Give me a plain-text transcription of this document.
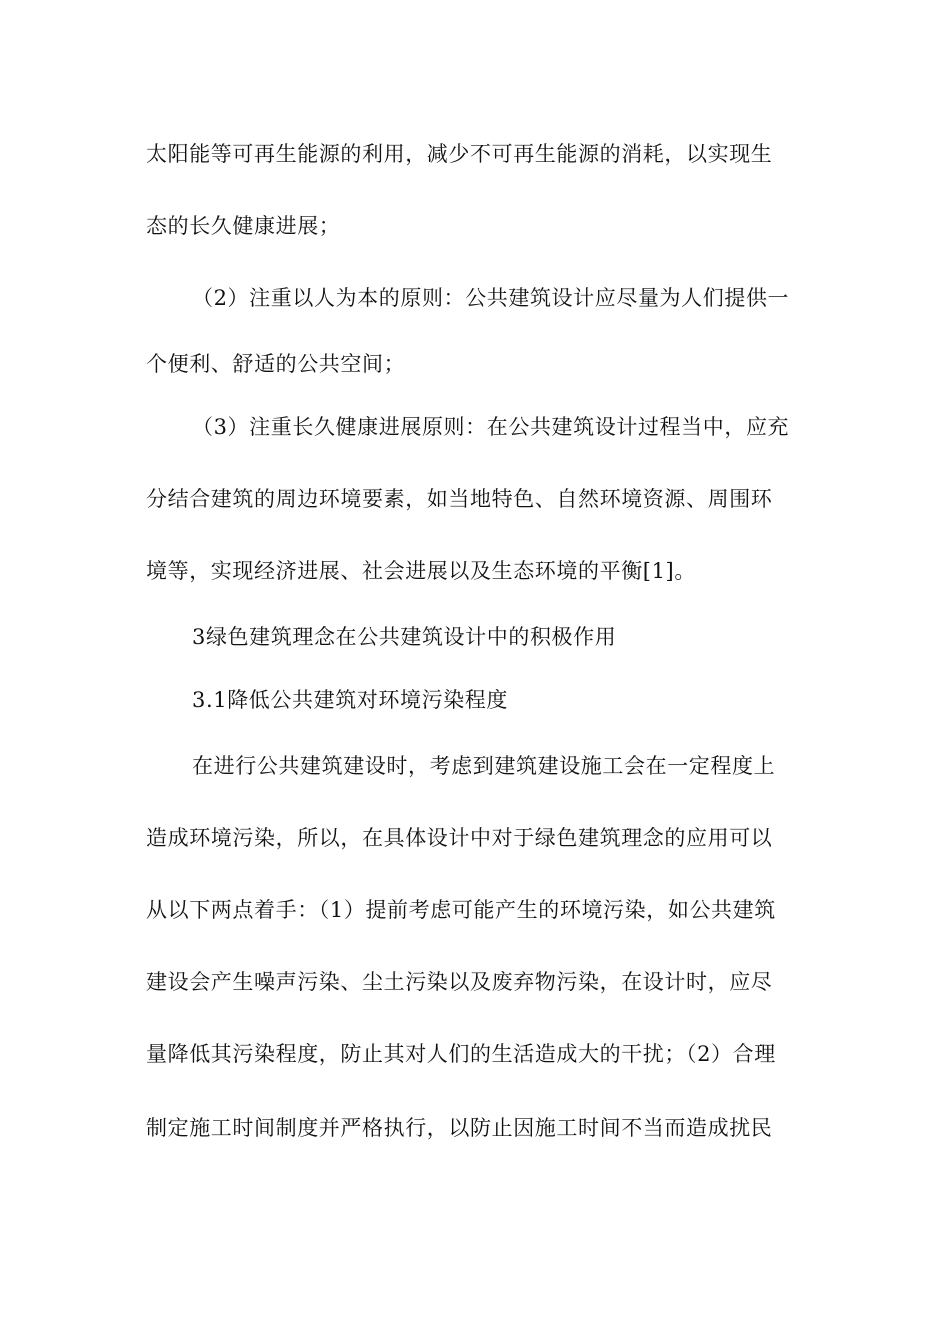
太阳能等可再生能源的利用，减少不可再生能源的消耗，以实现生
态的长久健康进展；
（2）注重以人为本的原则：公共建筑设计应尽量为人们提供一
个便利、舒适的公共空间；
（3）注重长久健康进展原则：在公共建筑设计过程当中，应充
分结合建筑的周边环境要素，如当地特色、自然环境资源、周围环
境等，实现经济进展、社会进展以及生态环境的平衡[1]。
3绿色建筑理念在公共建筑设计中的积极作用
3.1降低公共建筑对环境污染程度
在进行公共建筑建设时，考虑到建筑建设施工会在一定程度上
造成环境污染，所以，在具体设计中对于绿色建筑理念的应用可以
从以下两点着手：（1）提前考虑可能产生的环境污染，如公共建筑
建设会产生噪声污染、尘土污染以及废弃物污染，在设计时，应尽
量降低其污染程度，防止其对人们的生活造成大的干扰；（2）合理
制定施工时间制度并严格执行，以防止因施工时间不当而造成扰民
